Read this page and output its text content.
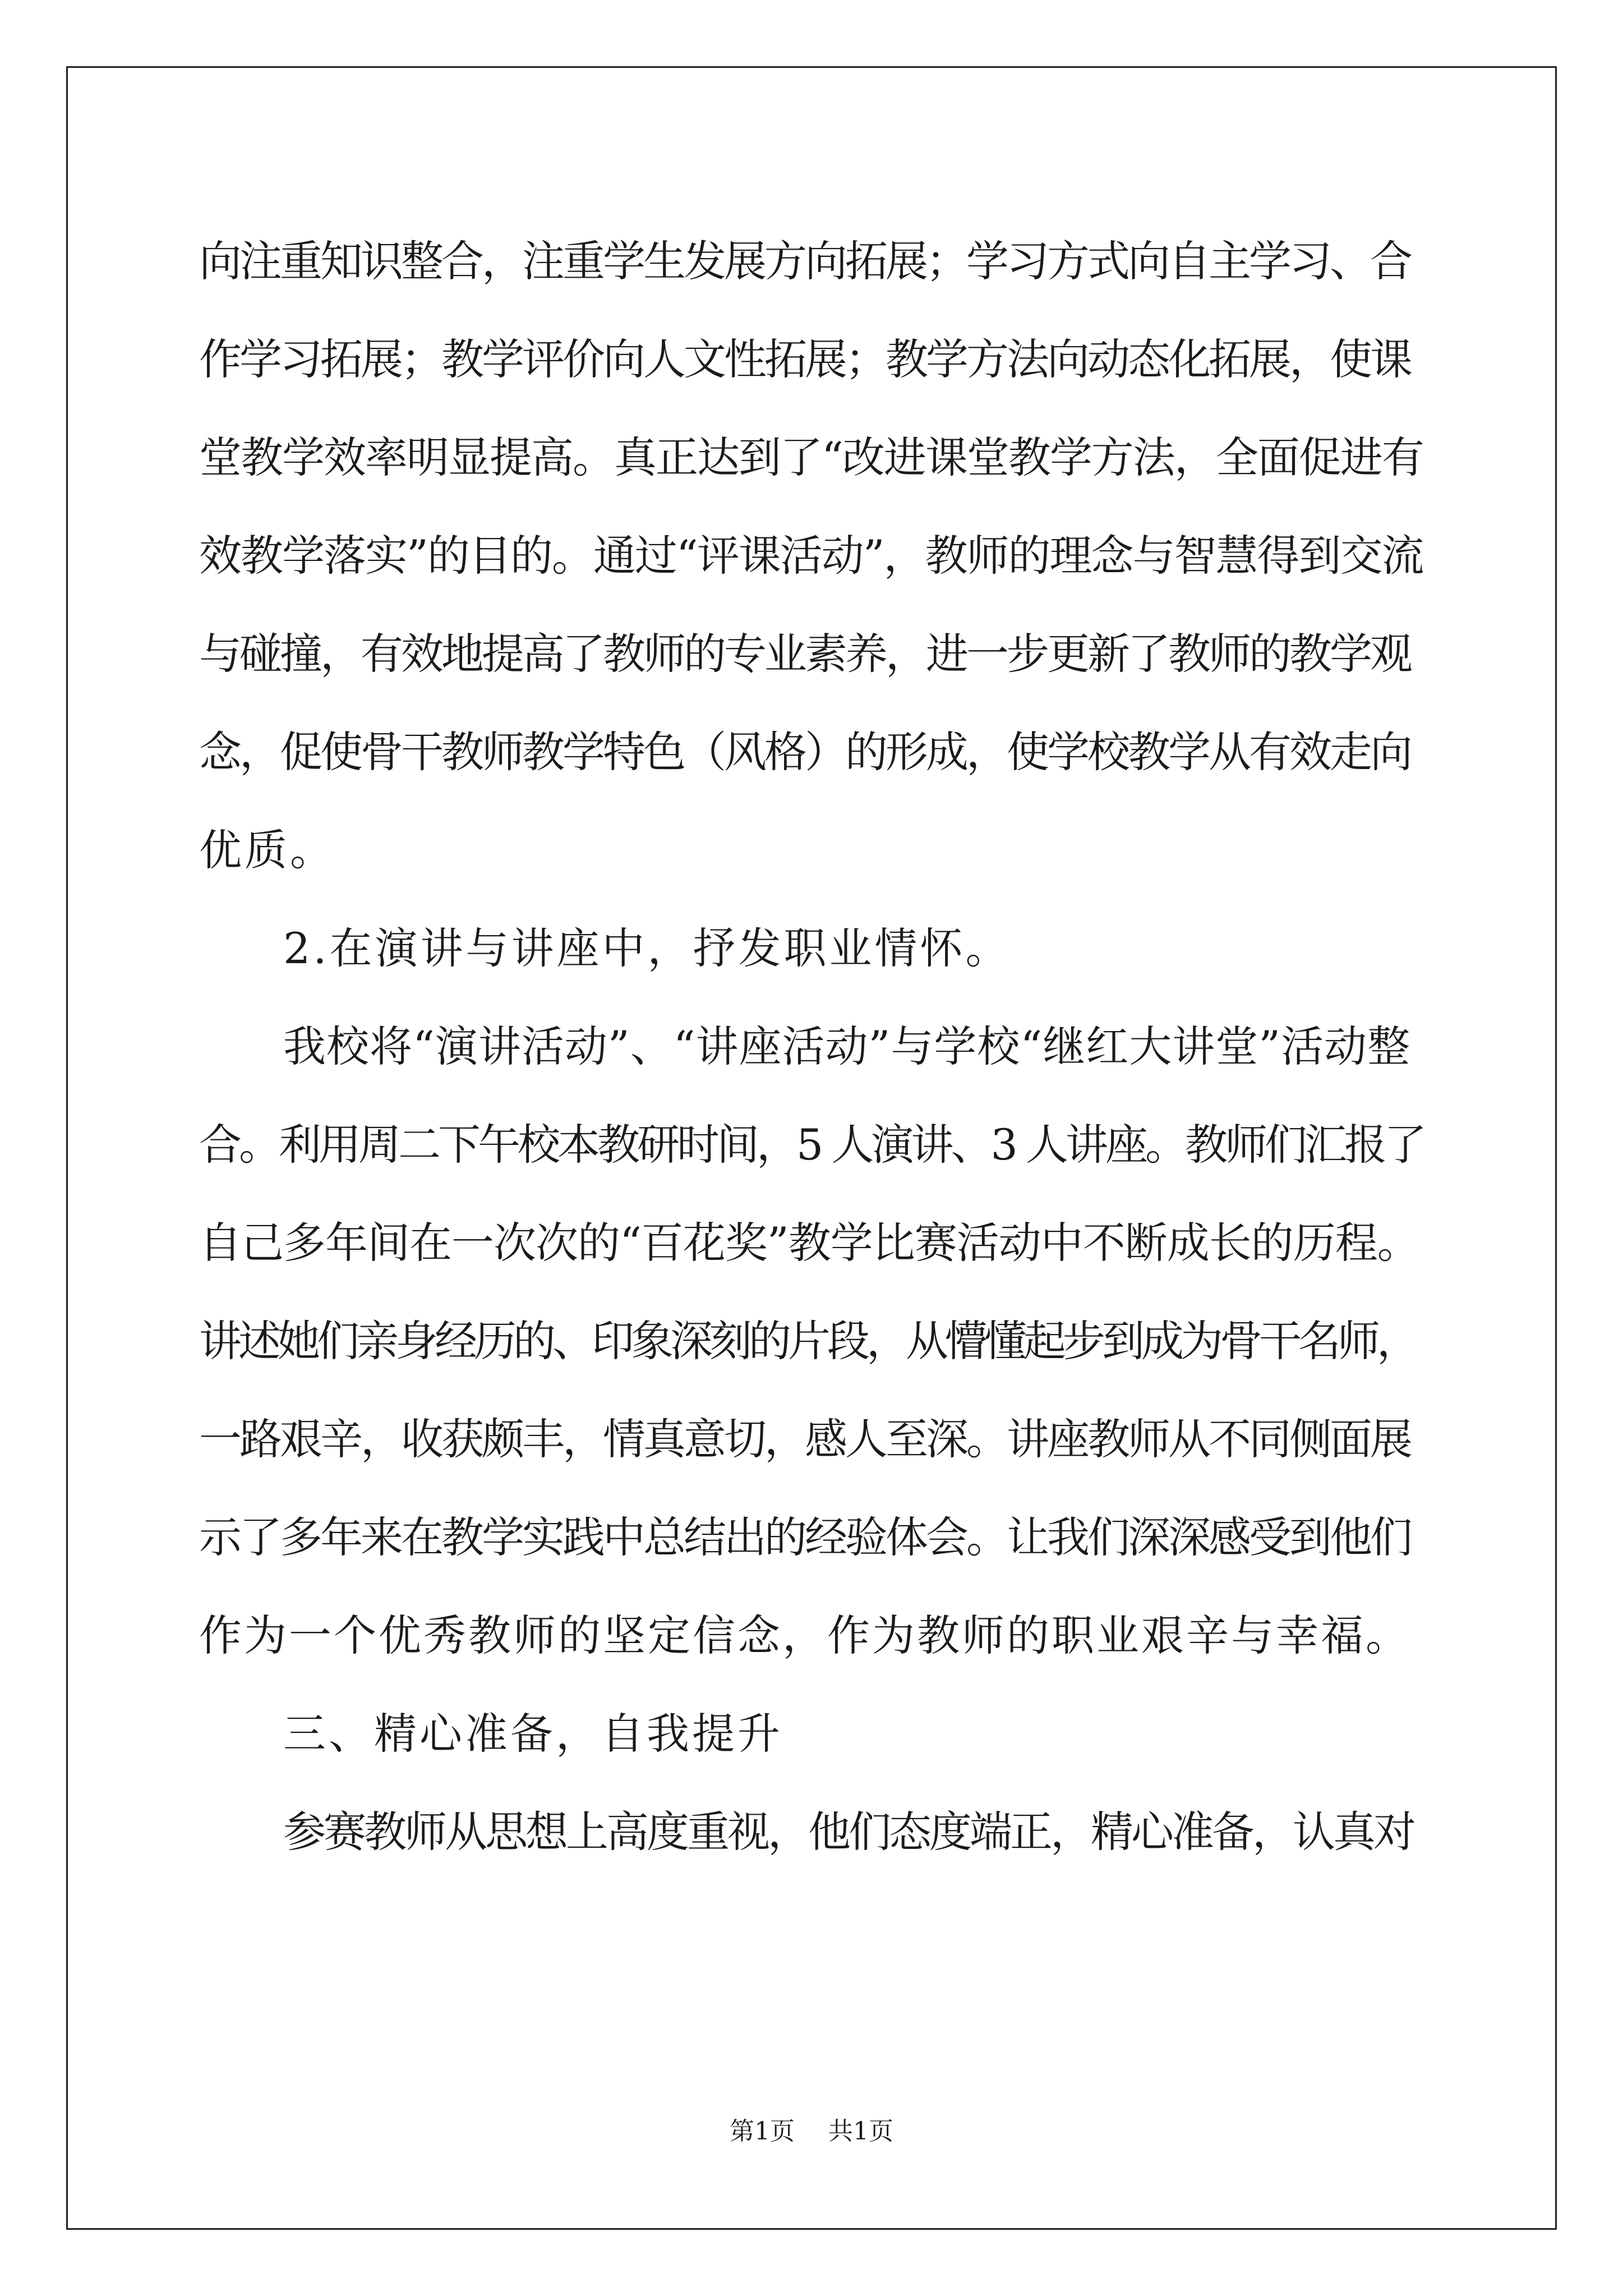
向注重知识整合，注重学生发展方向拓展；学习方式向自主学习、合
作学习拓展；教学评价向人文性拓展；教学方法向动态化拓展，使课
堂教学效率明显提高。真正达到了“改进课堂教学方法，全面促进有
效教学落实”的目的。通过“评课活动”，教师的理念与智慧得到交流
与碰撞，有效地提高了教师的专业素养，进一步更新了教师的教学观
念，促使骨干教师教学特色（风格）的形成，使学校教学从有效走向
优质。
2.在演讲与讲座中，抒发职业情怀。
我校将“演讲活动”、“讲座活动”与学校“继红大讲堂”活动整
合。利用周二下午校本教研时间，5 人演讲、3 人讲座。教师们汇报了
自己多年间在一次次的“百花奖”教学比赛活动中不断成长的历程。
讲述她们亲身经历的、印象深刻的片段，从懵懂起步到成为骨干名师，
一路艰辛，收获颇丰，情真意切，感人至深。讲座教师从不同侧面展
示了多年来在教学实践中总结出的经验体会。让我们深深感受到他们
作为一个优秀教师的坚定信念，作为教师的职业艰辛与幸福。
三、精心准备，自我提升
参赛教师从思想上高度重视，他们态度端正，精心准备，认真对
第1页 共1页
